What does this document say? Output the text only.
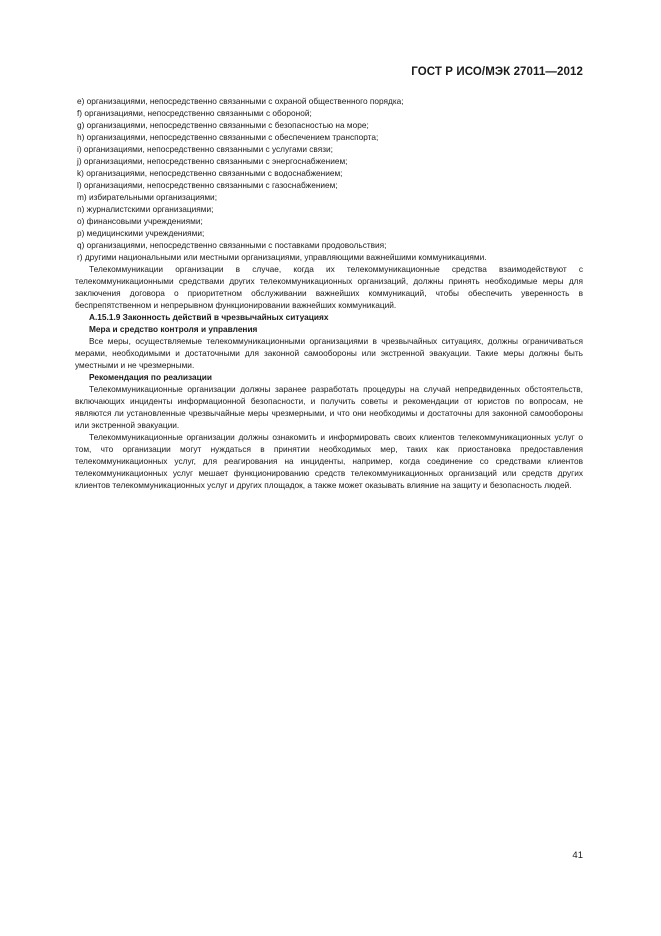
ГОСТ Р ИСО/МЭК 27011—2012

e) организациями, непосредственно связанными с охраной общественного порядка;

f) организациями, непосредственно связанными с обороной;

g) организациями, непосредственно связанными с безопасностью на море;

h) организациями, непосредственно связанными с обеспечением транспорта;

i) организациями, непосредственно связанными с услугами связи;

j) организациями, непосредственно связанными с энергоснабжением;

k) организациями, непосредственно связанными с водоснабжением;

l) организациями, непосредственно связанными с газоснабжением;

m) избирательными организациями;

n) журналистскими организациями;

o) финансовыми учреждениями;

p) медицинскими учреждениями;

q) организациями, непосредственно связанными с поставками продовольствия;

r) другими национальными или местными организациями, управляющими важнейшими коммуникациями.

Телекоммуникации организации в случае, когда их телекоммуникационные средства взаимодействуют с телекоммуникационными средствами других телекоммуникационных организаций, должны принять необходимые меры для заключения договора о приоритетном обслуживании важнейших коммуникаций, чтобы обеспечить уверенность в беспрепятственном и непрерывном функционировании важнейших коммуникаций.

А.15.1.9 Законность действий в чрезвычайных ситуациях

Мера и средство контроля и управления

Все меры, осуществляемые телекоммуникационными организациями в чрезвычайных ситуациях, должны ограничиваться мерами, необходимыми и достаточными для законной самообороны или экстренной эвакуации. Такие меры должны быть уместными и не чрезмерными.

Рекомендация по реализации

Телекоммуникационные организации должны заранее разработать процедуры на случай непредвиденных обстоятельств, включающих инциденты информационной безопасности, и получить советы и рекомендации от юристов по вопросам, не являются ли установленные чрезвычайные меры чрезмерными, и что они необходимы и достаточны для законной самообороны или экстренной эвакуации.

Телекоммуникационные организации должны ознакомить и информировать своих клиентов телекоммуникационных услуг о том, что организации могут нуждаться в принятии необходимых мер, таких как приостановка предоставления телекоммуникационных услуг, для реагирования на инциденты, например, когда соединение со средствами клиентов телекоммуникационных услуг мешает функционированию средств телекоммуникационных организаций или средств других клиентов телекоммуникационных услуг и других площадок, а также может оказывать влияние на защиту и безопасность людей.

41
